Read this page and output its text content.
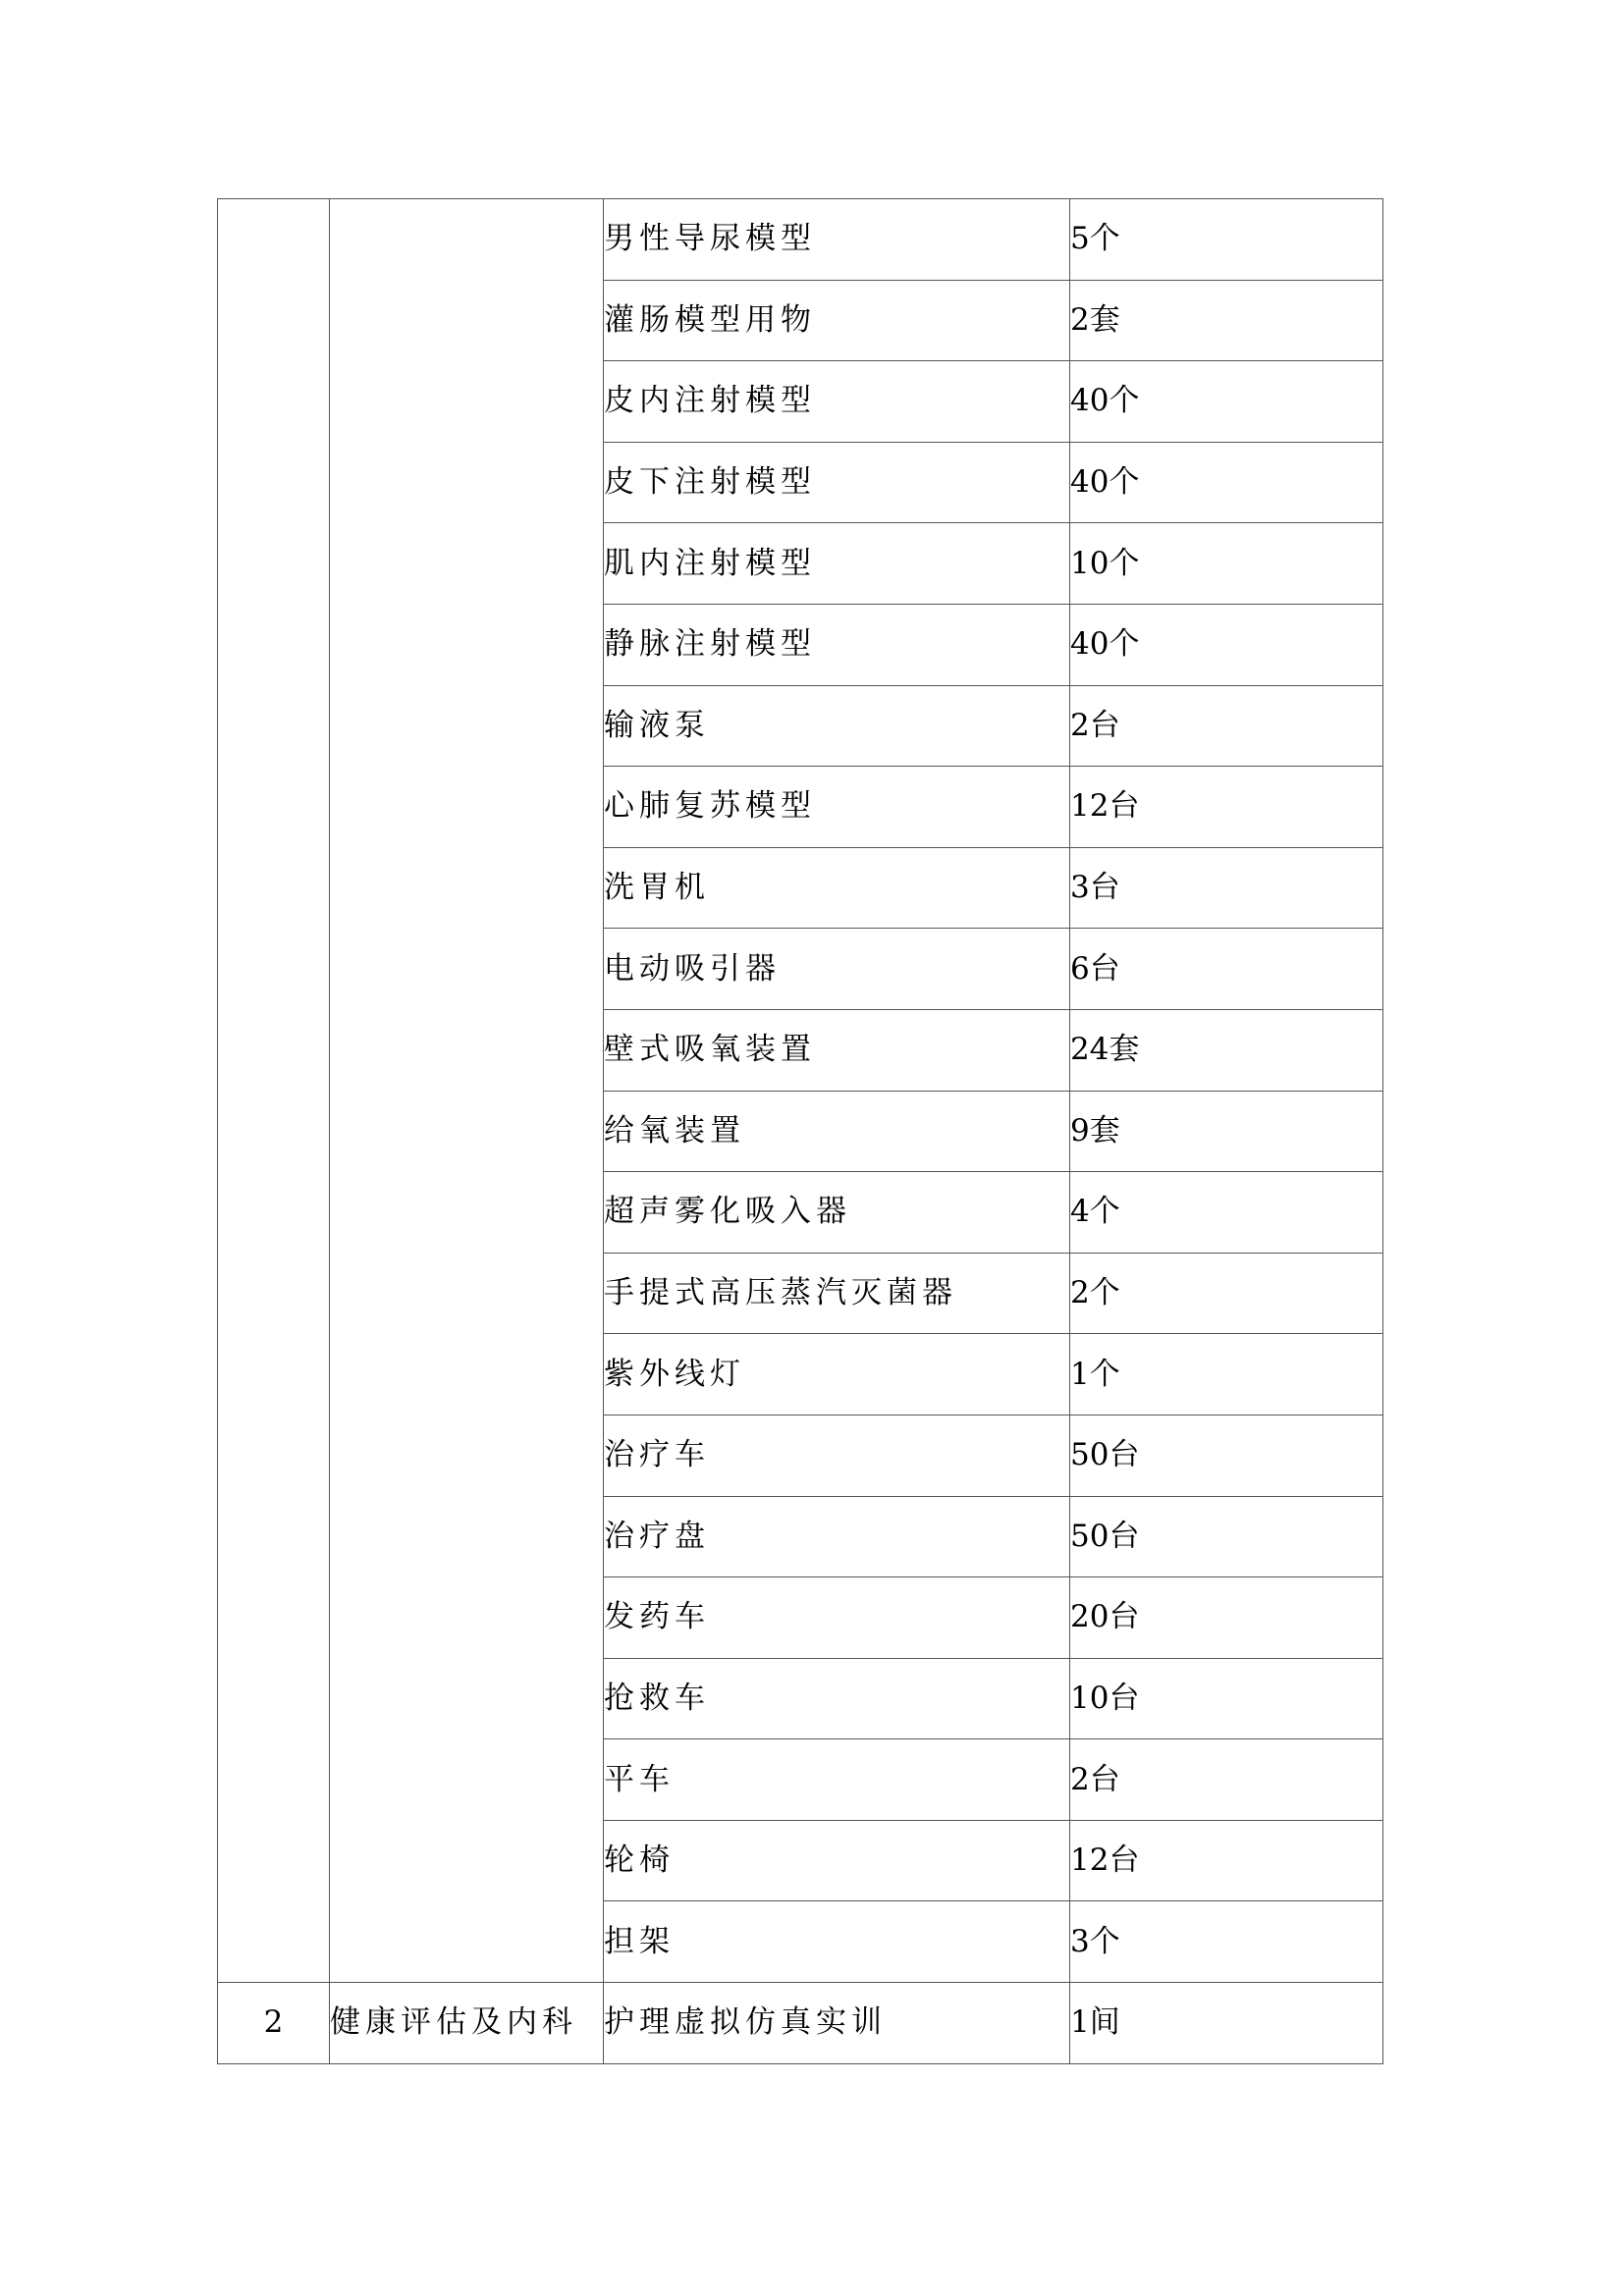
		男性导尿模型	5个
		灌肠模型用物	2套
		皮内注射模型	40个
		皮下注射模型	40个
		肌内注射模型	10个
		静脉注射模型	40个
		输液泵	2台
		心肺复苏模型	12台
		洗胃机	3台
		电动吸引器	6台
		壁式吸氧装置	24套
		给氧装置	9套
		超声雾化吸入器	4个
		手提式高压蒸汽灭菌器	2个
		紫外线灯	1个
		治疗车	50台
		治疗盘	50台
		发药车	20台
		抢救车	10台
		平车	2台
		轮椅	12台
		担架	3个
2	健康评估及内科	护理虚拟仿真实训	1间
